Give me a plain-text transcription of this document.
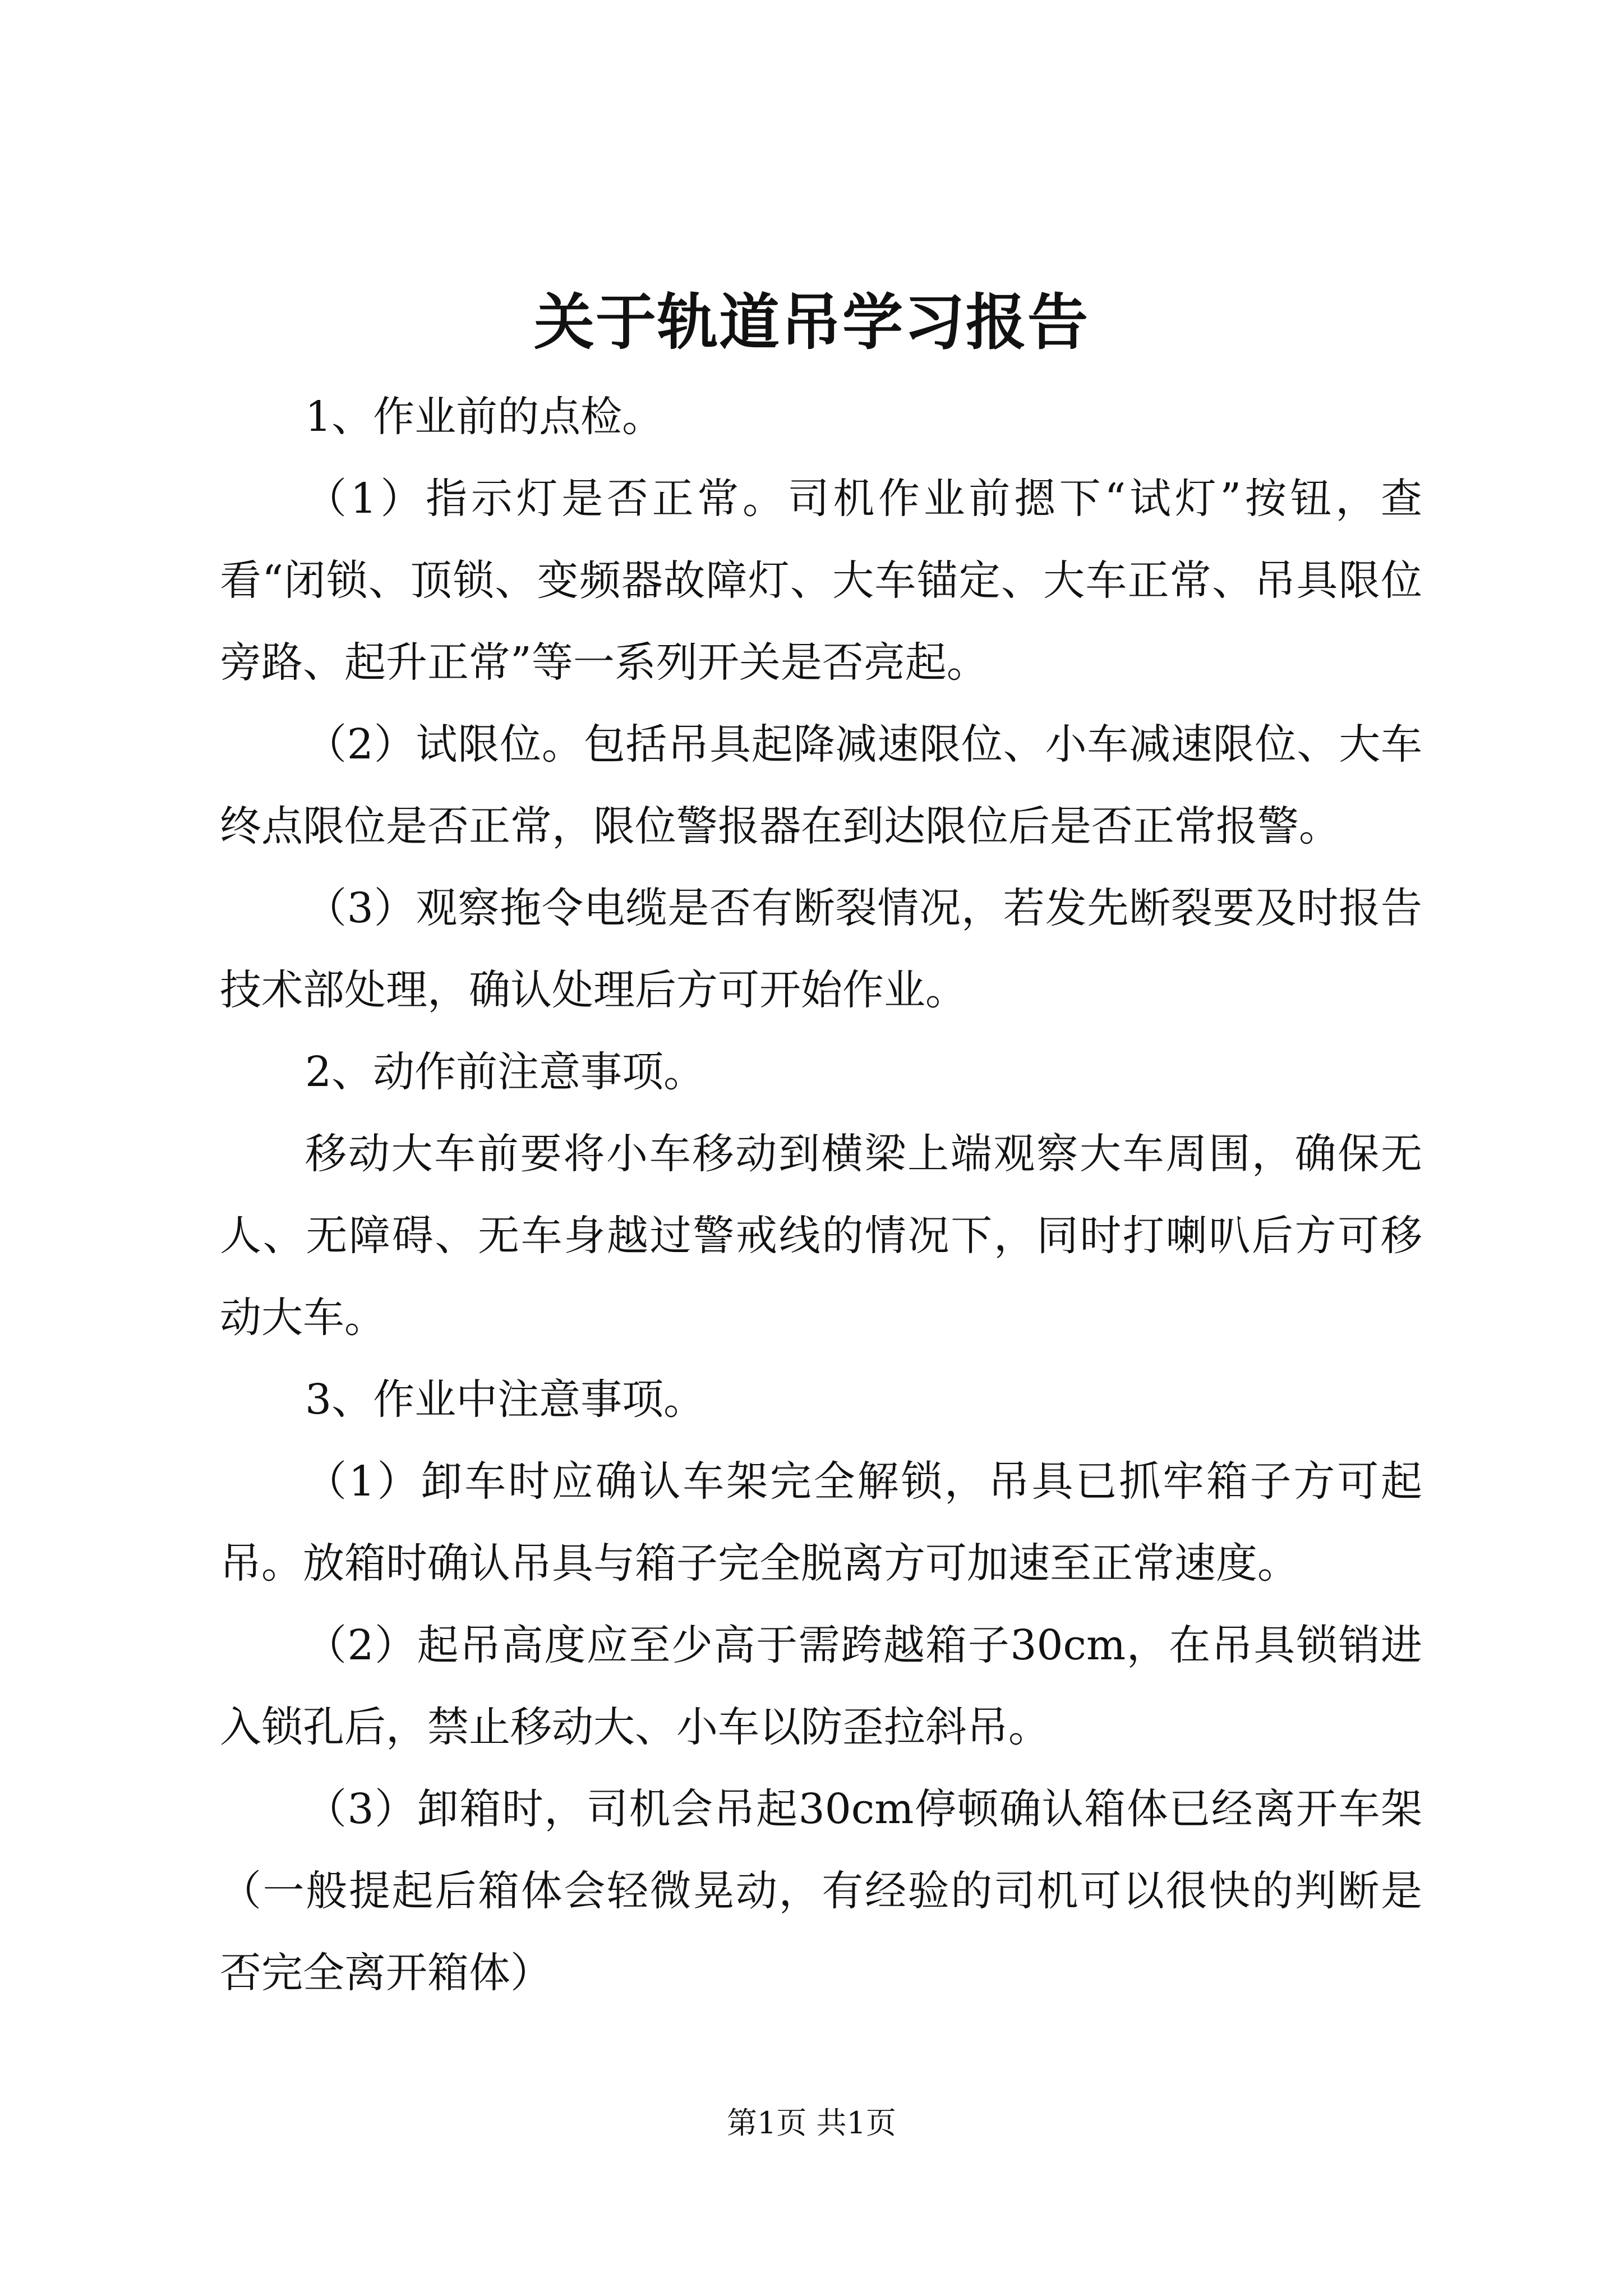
关于轨道吊学习报告

1、作业前的点检。

（1）指示灯是否正常。司机作业前摁下“试灯”按钮，查看“闭锁、顶锁、变频器故障灯、大车锚定、大车正常、吊具限位旁路、起升正常”等一系列开关是否亮起。

（2）试限位。包括吊具起降减速限位、小车减速限位、大车终点限位是否正常，限位警报器在到达限位后是否正常报警。

（3）观察拖令电缆是否有断裂情况，若发先断裂要及时报告技术部处理，确认处理后方可开始作业。

2、动作前注意事项。

移动大车前要将小车移动到横梁上端观察大车周围，确保无人、无障碍、无车身越过警戒线的情况下，同时打喇叭后方可移动大车。

3、作业中注意事项。

（1）卸车时应确认车架完全解锁，吊具已抓牢箱子方可起吊。放箱时确认吊具与箱子完全脱离方可加速至正常速度。

（2）起吊高度应至少高于需跨越箱子30cm，在吊具锁销进入锁孔后，禁止移动大、小车以防歪拉斜吊。

（3）卸箱时，司机会吊起30cm停顿确认箱体已经离开车架（一般提起后箱体会轻微晃动，有经验的司机可以很快的判断是否完全离开箱体）

第1页 共1页
